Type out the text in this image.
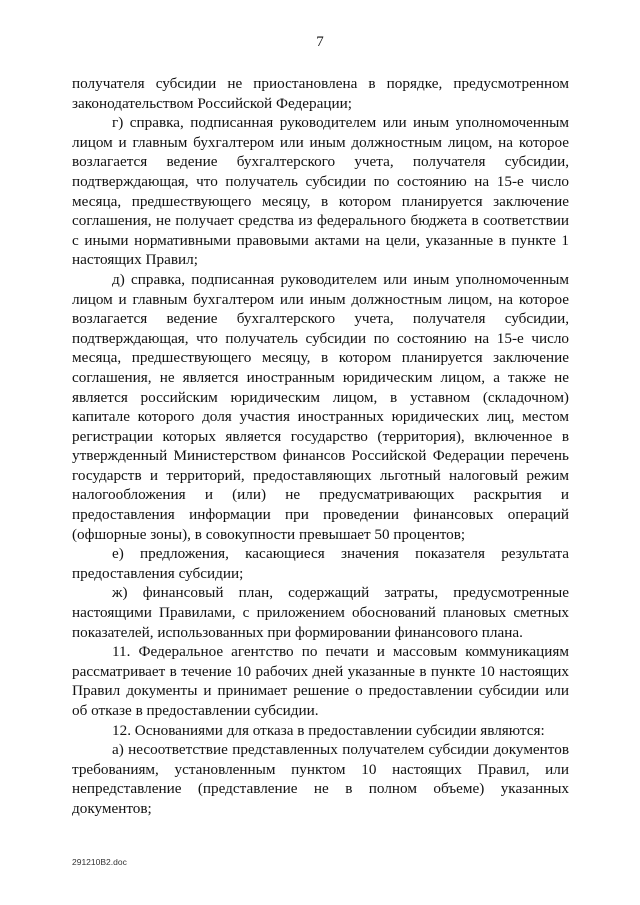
7

получателя субсидии не приостановлена в порядке, предусмотренном законодательством Российской Федерации;

г) справка, подписанная руководителем или иным уполномоченным лицом и главным бухгалтером или иным должностным лицом, на которое возлагается ведение бухгалтерского учета, получателя субсидии, подтверждающая, что получатель субсидии по состоянию на 15-е число месяца, предшествующего месяцу, в котором планируется заключение соглашения, не получает средства из федерального бюджета в соответствии с иными нормативными правовыми актами на цели, указанные в пункте 1 настоящих Правил;

д) справка, подписанная руководителем или иным уполномоченным лицом и главным бухгалтером или иным должностным лицом, на которое возлагается ведение бухгалтерского учета, получателя субсидии, подтверждающая, что получатель субсидии по состоянию на 15-е число месяца, предшествующего месяцу, в котором планируется заключение соглашения, не является иностранным юридическим лицом, а также не является российским юридическим лицом, в уставном (складочном) капитале которого доля участия иностранных юридических лиц, местом регистрации которых является государство (территория), включенное в утвержденный Министерством финансов Российской Федерации перечень государств и территорий, предоставляющих льготный налоговый режим налогообложения и (или) не предусматривающих раскрытия и предоставления информации при проведении финансовых операций (офшорные зоны), в совокупности превышает 50 процентов;

е) предложения, касающиеся значения показателя результата предоставления субсидии;

ж) финансовый план, содержащий затраты, предусмотренные настоящими Правилами, с приложением обоснований плановых сметных показателей, использованных при формировании финансового плана.

11. Федеральное агентство по печати и массовым коммуникациям рассматривает в течение 10 рабочих дней указанные в пункте 10 настоящих Правил документы и принимает решение о предоставлении субсидии или об отказе в предоставлении субсидии.

12. Основаниями для отказа в предоставлении субсидии являются:

а) несоответствие представленных получателем субсидии документов требованиям, установленным пунктом 10 настоящих Правил, или непредставление (представление не в полном объеме) указанных документов;

291210B2.doc
